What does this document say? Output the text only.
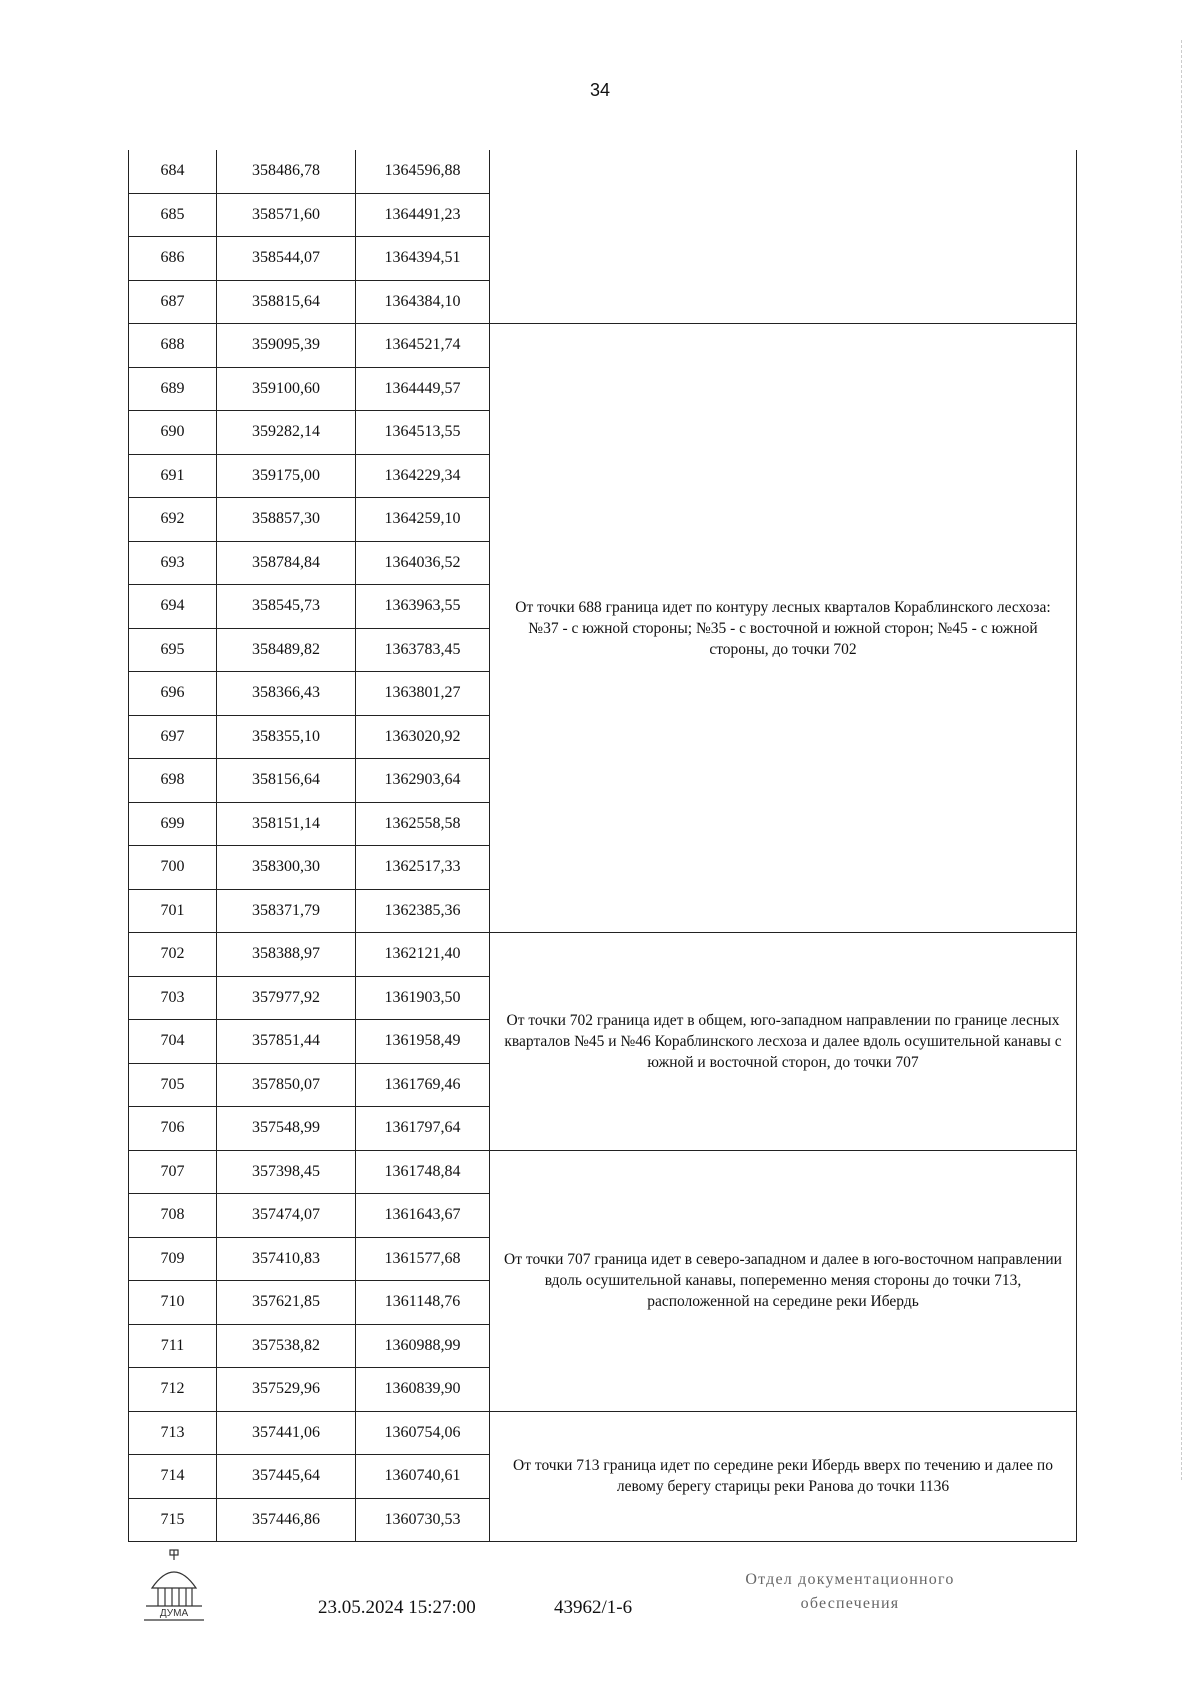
34
684	358486,78	1364596,88	
685	358571,60	1364491,23	
686	358544,07	1364394,51	
687	358815,64	1364384,10	
688	359095,39	1364521,74	От точки 688 граница идет по контуру лесных кварталов Кораблинского лесхоза: №37 - с южной стороны; №35 - с восточной и южной сторон; №45 - с южной стороны, до точки 702
689	359100,60	1364449,57	
690	359282,14	1364513,55	
691	359175,00	1364229,34	
692	358857,30	1364259,10	
693	358784,84	1364036,52	
694	358545,73	1363963,55	
695	358489,82	1363783,45	
696	358366,43	1363801,27	
697	358355,10	1363020,92	
698	358156,64	1362903,64	
699	358151,14	1362558,58	
700	358300,30	1362517,33	
701	358371,79	1362385,36	
702	358388,97	1362121,40	От точки 702 граница идет в общем, юго-западном направлении по границе лесных кварталов №45 и №46 Кораблинского лесхоза и далее вдоль осушительной канавы с южной и восточной сторон, до точки 707
703	357977,92	1361903,50	
704	357851,44	1361958,49	
705	357850,07	1361769,46	
706	357548,99	1361797,64	
707	357398,45	1361748,84	От точки 707 граница идет в северо-западном и далее в юго-восточном направлении вдоль осушительной канавы, попеременно меняя стороны до точки 713, расположенной на середине реки Ибердь
708	357474,07	1361643,67	
709	357410,83	1361577,68	
710	357621,85	1361148,76	
711	357538,82	1360988,99	
712	357529,96	1360839,90	
713	357441,06	1360754,06	От точки 713 граница идет по середине реки Ибердь вверх по течению и далее по левому берегу старицы реки Ранова до точки 1136
714	357445,64	1360740,61	
715	357446,86	1360730,53	
ДУМА	23.05.2024 15:27:00	43962/1-6
Отдел документационного
обеспечения
